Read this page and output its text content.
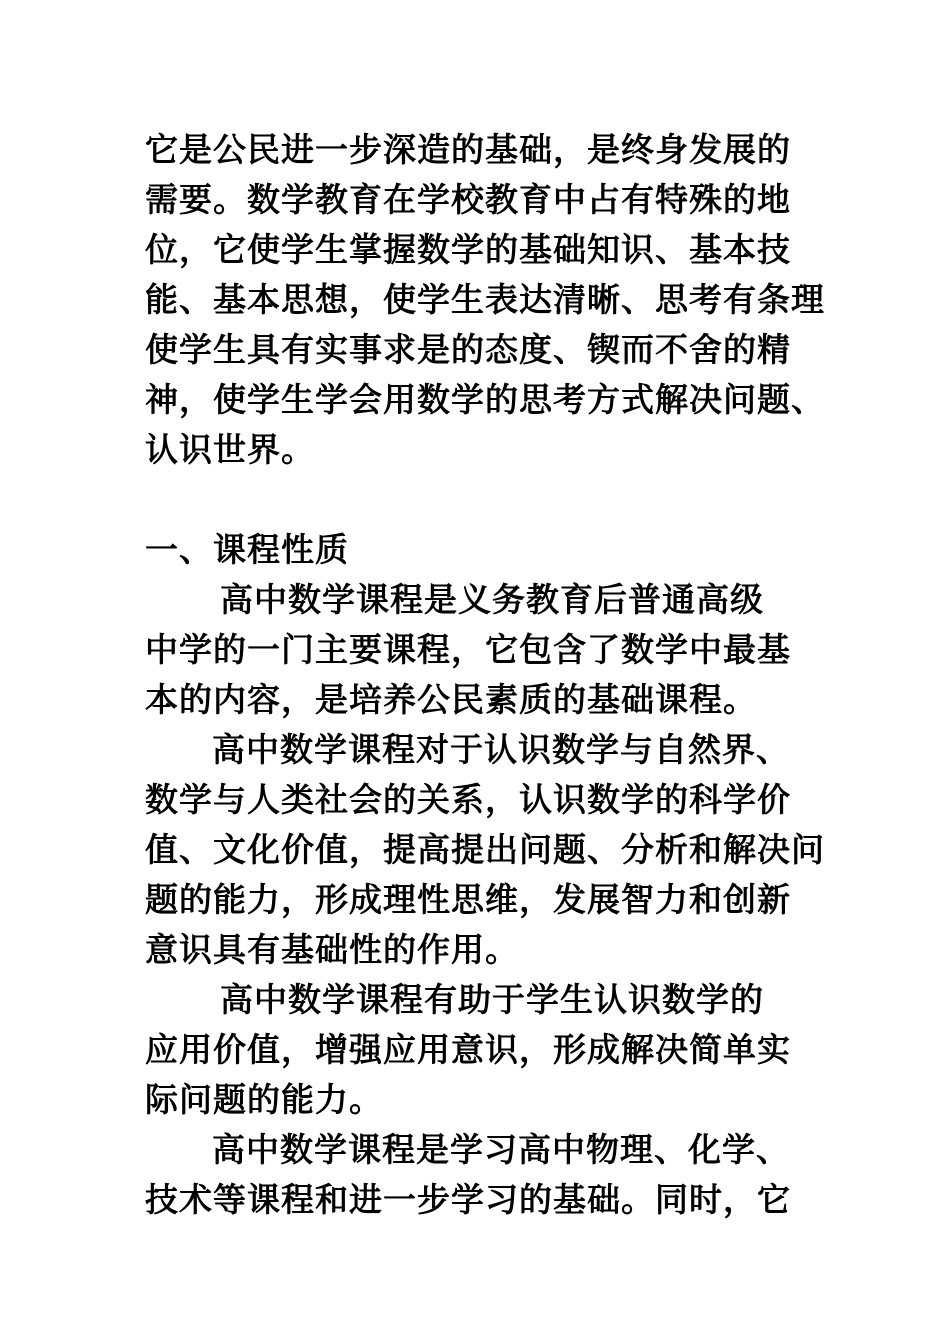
它是公民进一步深造的基础，是终身发展的
需要。数学教育在学校教育中占有特殊的地
位，它使学生掌握数学的基础知识、基本技
能、基本思想，使学生表达清晰、思考有条理
使学生具有实事求是的态度、锲而不舍的精
神，使学生学会用数学的思考方式解决问题、
认识世界。
一、课程性质
高中数学课程是义务教育后普通高级
中学的一门主要课程，它包含了数学中最基
本的内容，是培养公民素质的基础课程。
高中数学课程对于认识数学与自然界、
数学与人类社会的关系，认识数学的科学价
值、文化价值，提高提出问题、分析和解决问
题的能力，形成理性思维，发展智力和创新
意识具有基础性的作用。
高中数学课程有助于学生认识数学的
应用价值，增强应用意识，形成解决简单实
际问题的能力。
高中数学课程是学习高中物理、化学、
技术等课程和进一步学习的基础。同时，它
